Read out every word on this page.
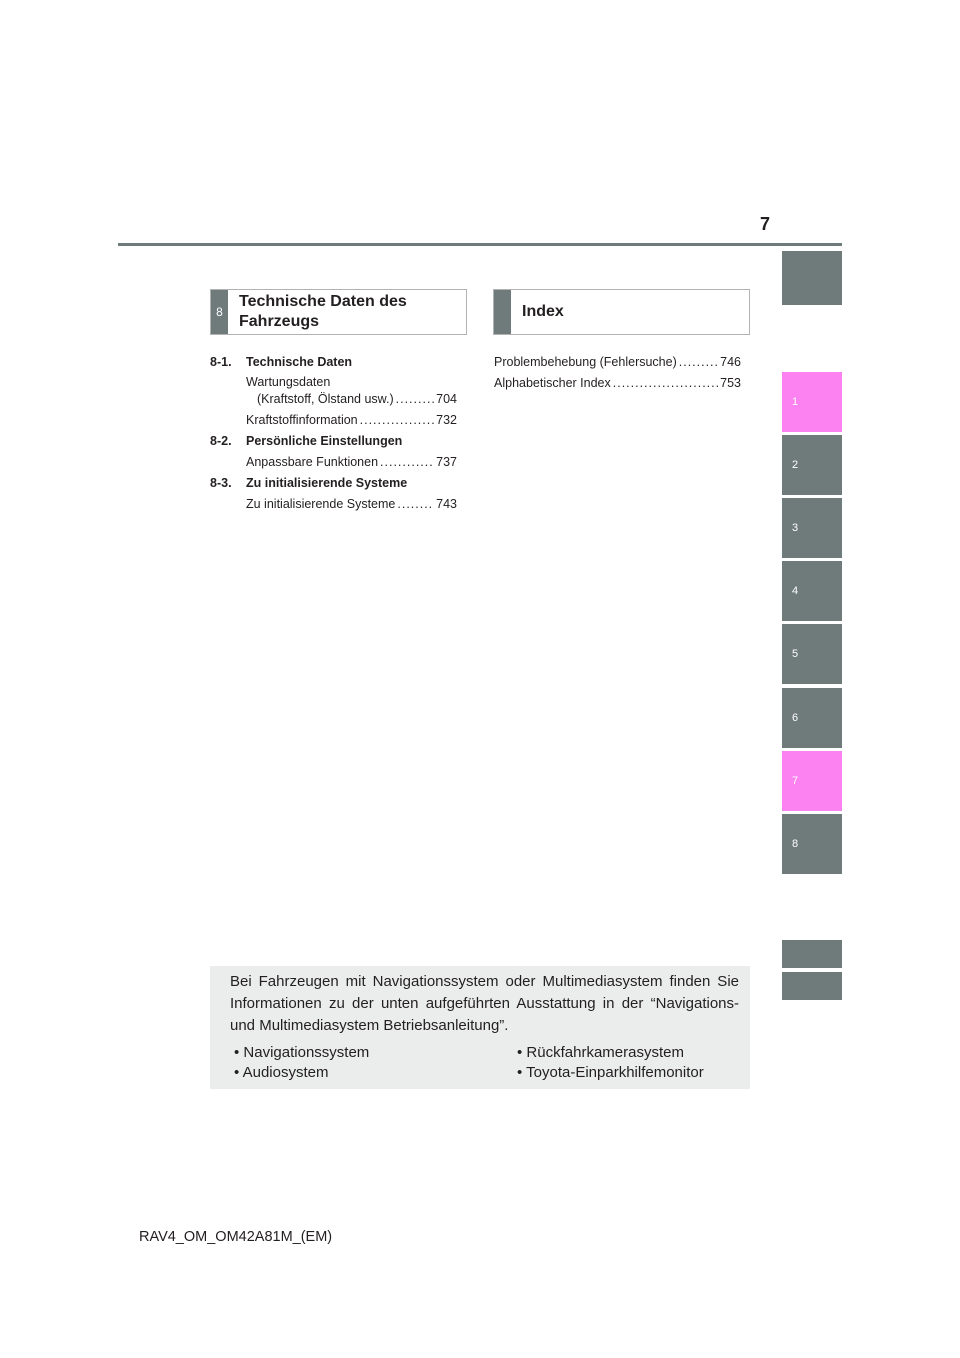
7
1
2
3
4
5
6
7
8
8
Technische Daten des Fahrzeugs
Index
8-1. Technische Daten
Wartungsdaten
(Kraftstoff, Ölstand usw.) .....	704
Kraftstoffinformation .....	732
8-2. Persönliche Einstellungen
Anpassbare Funktionen .....	737
8-3. Zu initialisierende Systeme
Zu initialisierende Systeme .....	743
Problembehebung (Fehlersuche) .....	746
Alphabetischer Index .....	753
Bei Fahrzeugen mit Navigationssystem oder Multimediasystem finden Sie Informationen zu der unten aufgeführten Ausstattung in der “Navigations- und Multimediasystem Betriebsanleitung”.
• Navigationssystem
• Audiosystem
• Rückfahrkamerasystem
• Toyota-Einparkhilfemonitor
RAV4_OM_OM42A81M_(EM)
